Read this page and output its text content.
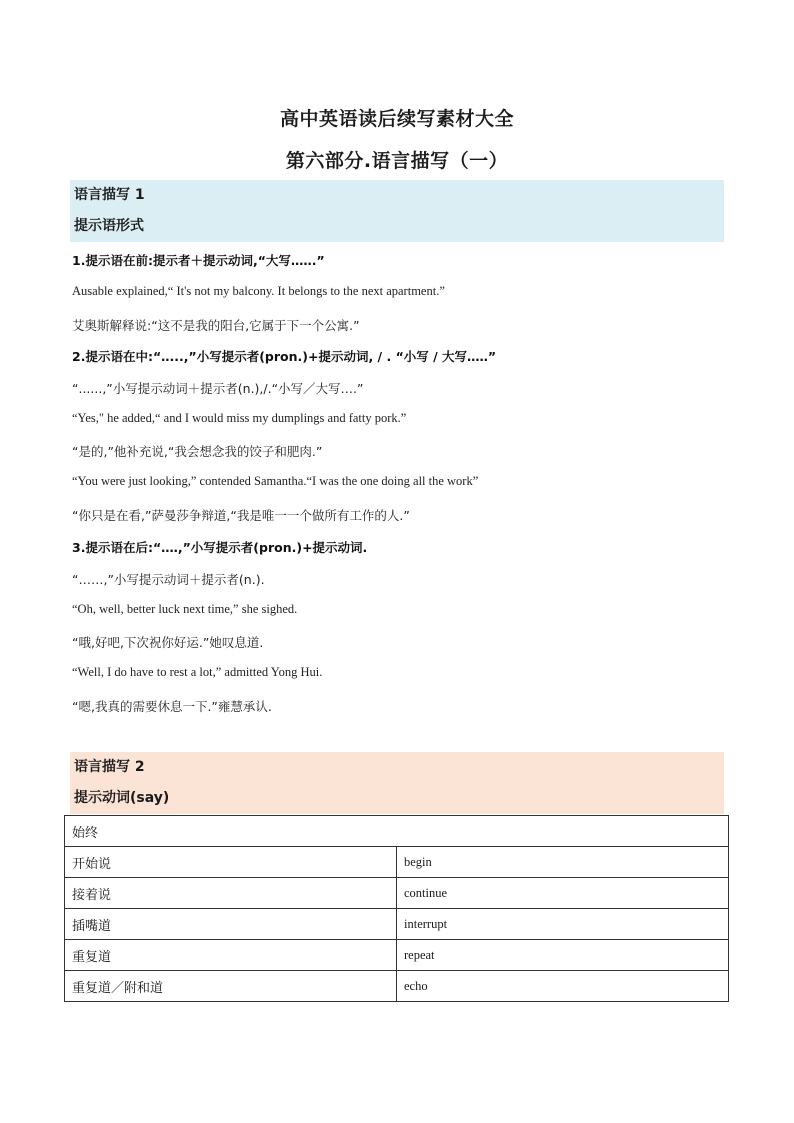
高中英语读后续写素材大全
第六部分.语言描写（一）
语言描写 1
提示语形式
1.提示语在前:提示者＋提示动词,“大写‥….”
Ausable explained,“ It's not my balcony. It belongs to the next apartment.”
艾奥斯解释说:“这不是我的阳台,它属于下一个公寓.”
2.提示语在中:“‥...,”小写提示者(pron.)+提示动词, / . “小写 / 大写‥…”
“......,”小写提示动词＋提示者(n.),/.“小写／大写….”
“Yes," he added,“ and I would miss my dumplings and fatty pork.”
“是的,”他补充说,“我会想念我的饺子和肥肉.”
“You were just looking,” contended Samantha.“I was the one doing all the work”
“你只是在看,”萨曼莎争辩道,“我是唯一一个做所有工作的人.”
3.提示语在后:“‥‥,”小写提示者(pron.)+提示动词.
“……,”小写提示动词＋提示者(n.).
“Oh, well, better luck next time,” she sighed.
“哦,好吧,下次祝你好运.”她叹息道.
“Well, I do have to rest a lot,” admitted Yong Hui.
“嗯,我真的需要休息一下.”雍慧承认.
语言描写 2
提示动词(say)
始终	
开始说	begin
接着说	continue
插嘴道	interrupt
重复道	repeat
重复道／附和道	echo
